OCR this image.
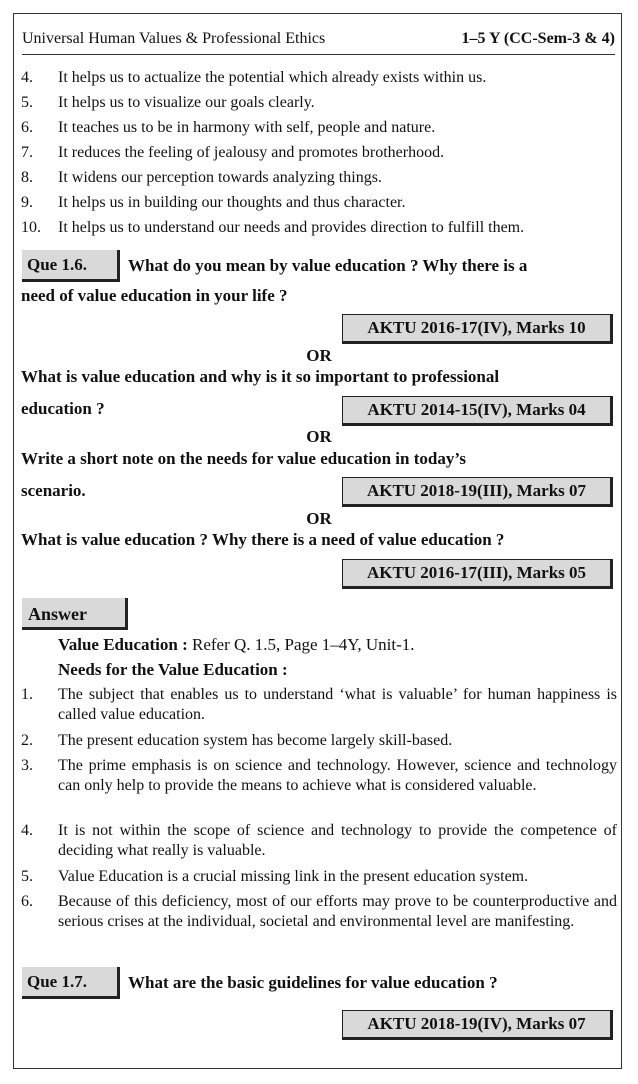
Universal Human Values & Professional Ethics	1–5 Y (CC-Sem-3 & 4)

4. It helps us to actualize the potential which already exists within us.

5. It helps us to visualize our goals clearly.

6. It teaches us to be in harmony with self, people and nature.

7. It reduces the feeling of jealousy and promotes brotherhood.

8. It widens our perception towards analyzing things.

9. It helps us in building our thoughts and thus character.

10. It helps us to understand our needs and provides direction to fulfill them.

Que 1.6.	What do you mean by value education ? Why there is a
need of value education in your life ?
AKTU 2016-17(IV), Marks 10
OR
What is value education and why is it so important to professional
education ?	AKTU 2014-15(IV), Marks 04
OR
Write a short note on the needs for value education in today’s
scenario.	AKTU 2018-19(III), Marks 07
OR
What is value education ? Why there is a need of value education ?
AKTU 2016-17(III), Marks 05
Answer
Value Education : Refer Q. 1.5, Page 1–4Y, Unit-1.
Needs for the Value Education :

1. The subject that enables us to understand ‘what is valuable’ for human happiness is called value education.

2. The present education system has become largely skill-based.

3. The prime emphasis is on science and technology. However, science and technology can only help to provide the means to achieve what is considered valuable.

4. It is not within the scope of science and technology to provide the competence of deciding what really is valuable.

5. Value Education is a crucial missing link in the present education system.

6. Because of this deficiency, most of our efforts may prove to be counterproductive and serious crises at the individual, societal and environmental level are manifesting.

Que 1.7.	What are the basic guidelines for value education ?
AKTU 2018-19(IV), Marks 07
